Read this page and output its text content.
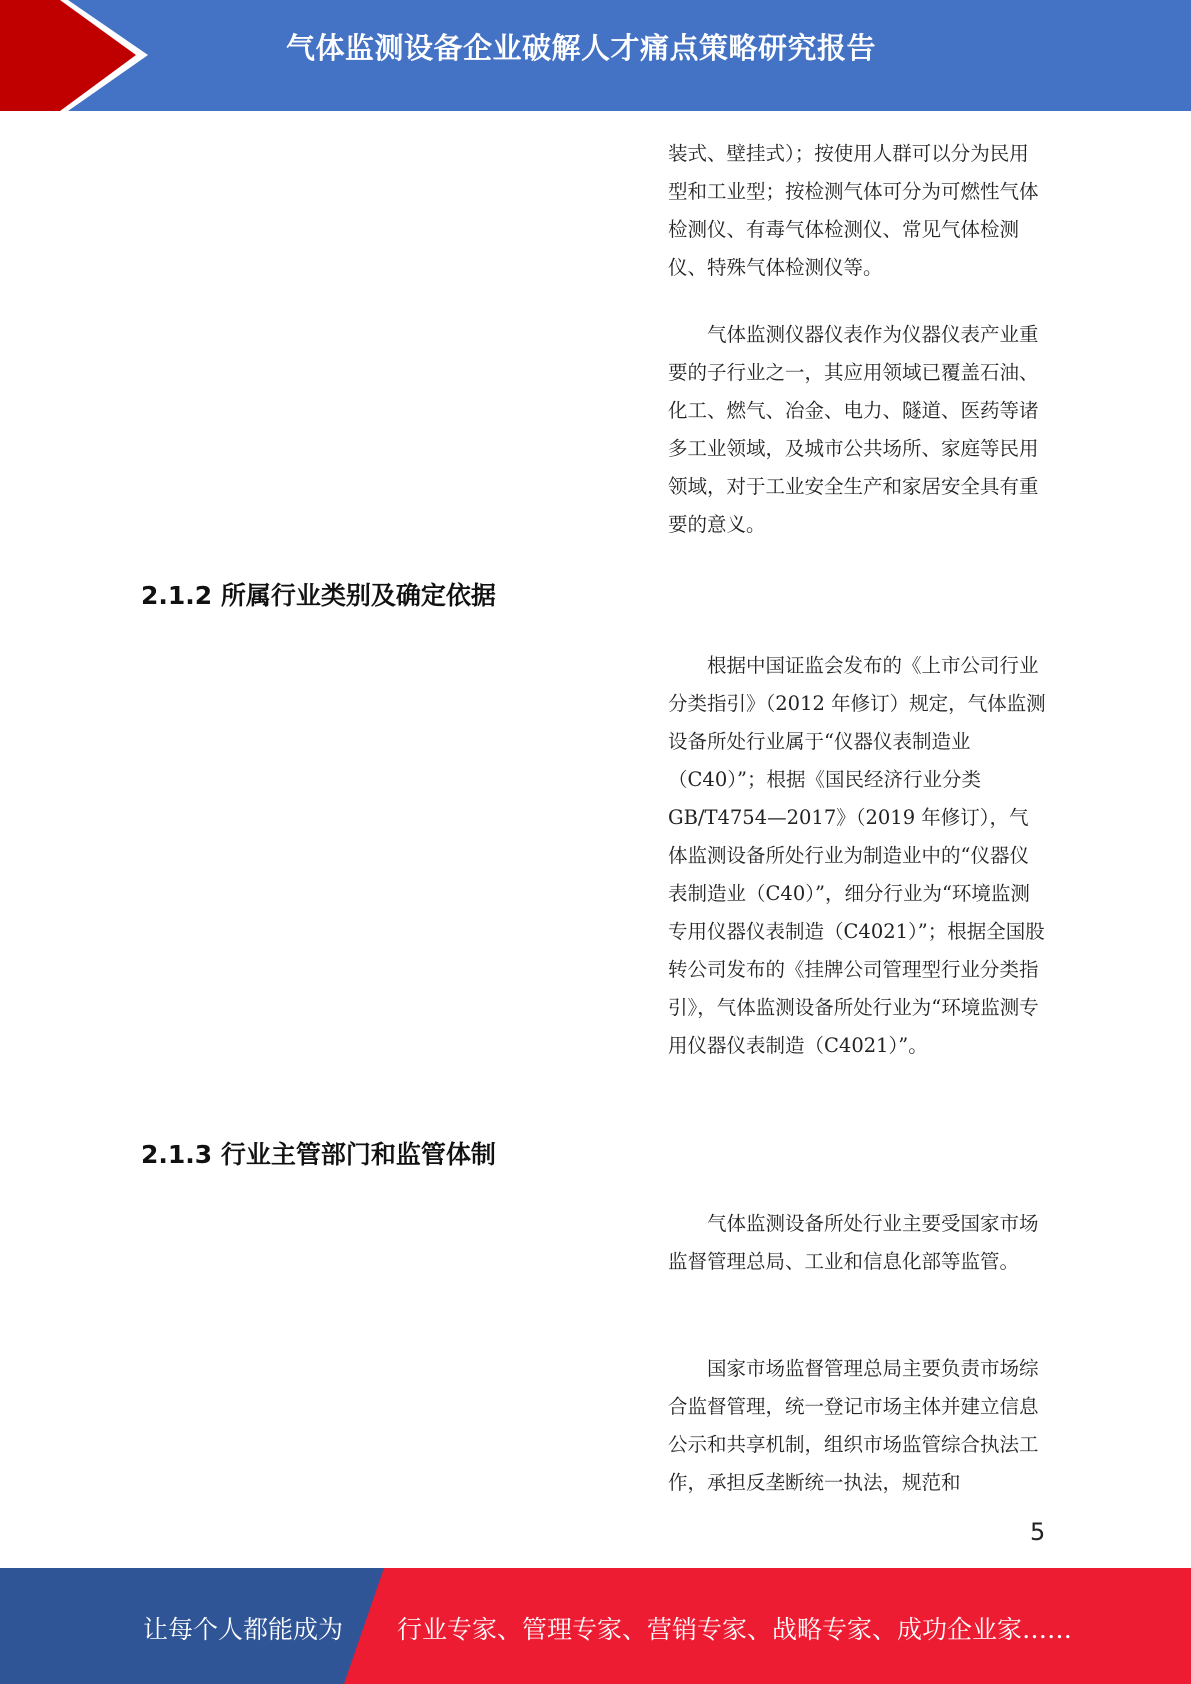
气体监测设备企业破解人才痛点策略研究报告

装式、壁挂式）；按使用人群可以分为民用型和工业型；按检测气体可分为可燃性气体检测仪、有毒气体检测仪、常见气体检测仪、特殊气体检测仪等。

气体监测仪器仪表作为仪器仪表产业重要的子行业之一，其应用领域已覆盖石油、化工、燃气、冶金、电力、隧道、医药等诸多工业领域，及城市公共场所、家庭等民用领域，对于工业安全生产和家居安全具有重要的意义。

2.1.2 所属行业类别及确定依据

根据中国证监会发布的《上市公司行业分类指引》（2012 年修订）规定，气体监测设备所处行业属于“仪器仪表制造业（C40）”；根据《国民经济行业分类GB/T4754—2017》（2019 年修订），气体监测设备所处行业为制造业中的“仪器仪表制造业（C40）”，细分行业为“环境监测专用仪器仪表制造（C4021）”；根据全国股转公司发布的《挂牌公司管理型行业分类指引》，气体监测设备所处行业为“环境监测专用仪器仪表制造（C4021）”。

2.1.3 行业主管部门和监管体制

气体监测设备所处行业主要受国家市场监督管理总局、工业和信息化部等监管。

国家市场监督管理总局主要负责市场综合监督管理，统一登记市场主体并建立信息公示和共享机制，组织市场监管综合执法工作，承担反垄断统一执法，规范和

5
让每个人都能成为 行业专家、管理专家、营销专家、战略专家、成功企业家……
